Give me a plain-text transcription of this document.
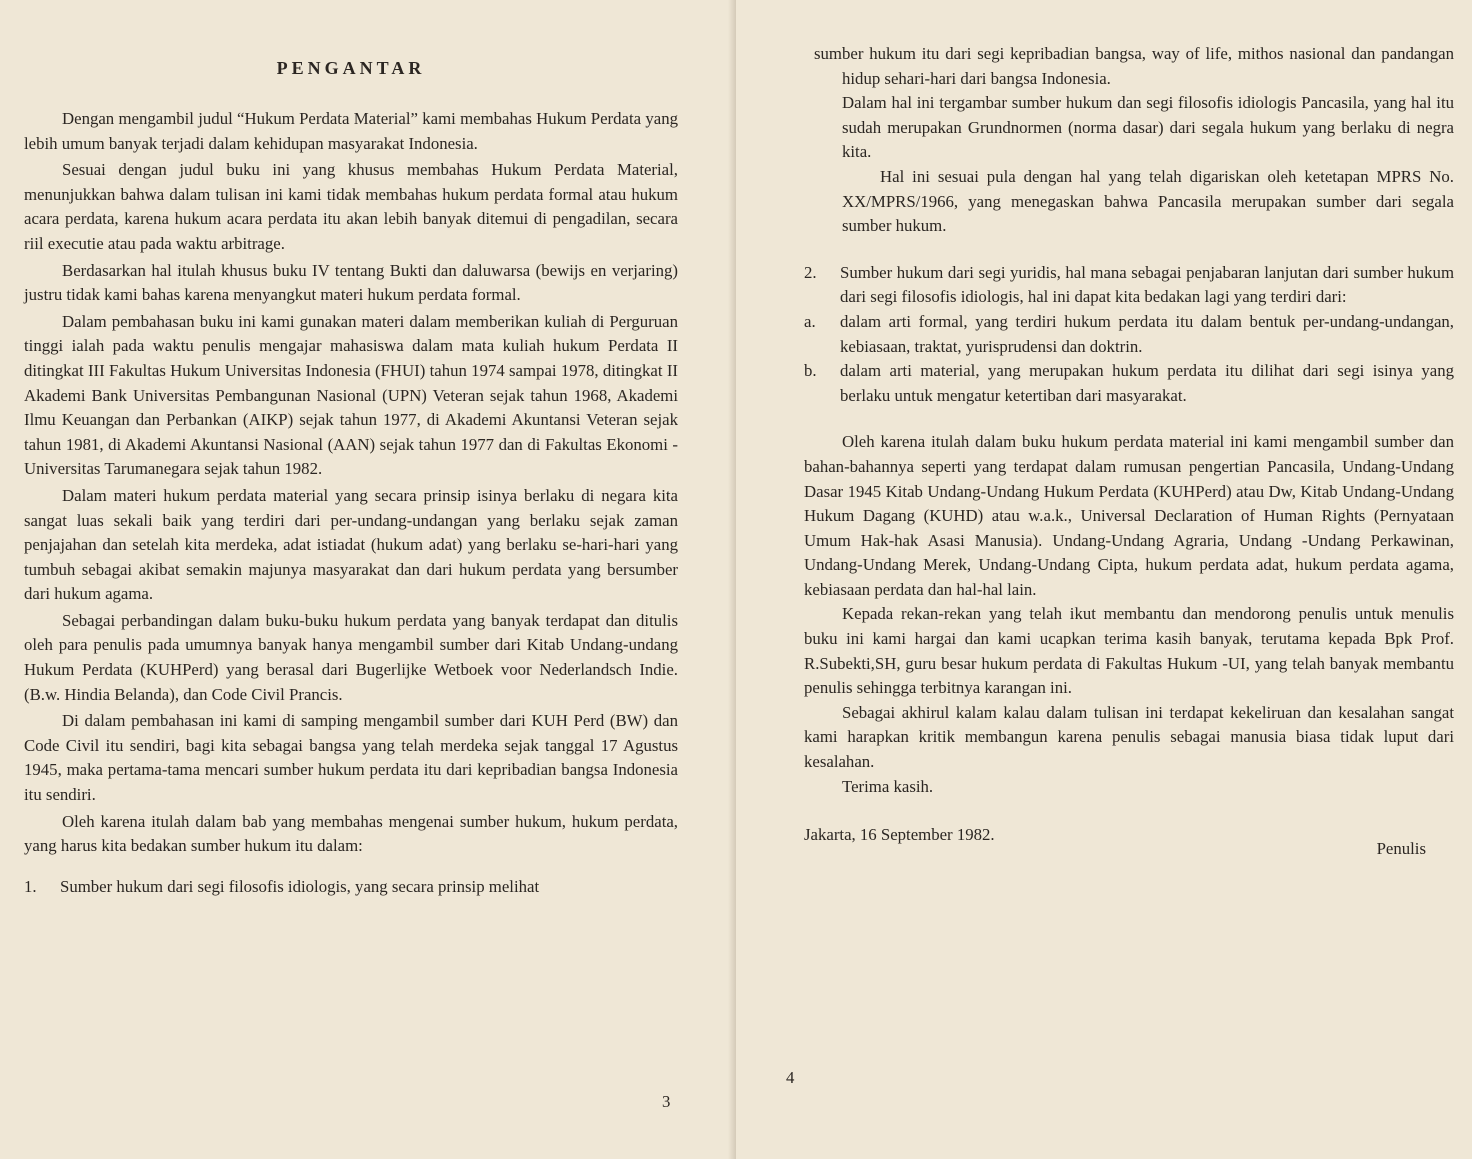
PENGANTAR

Dengan mengambil judul “Hukum Perdata Material” kami membahas Hukum Perdata yang lebih umum banyak terjadi dalam kehidupan masyarakat Indonesia.

Sesuai dengan judul buku ini yang khusus membahas Hukum Perdata Material, menunjukkan bahwa dalam tulisan ini kami tidak membahas hukum perdata formal atau hukum acara perdata, karena hukum acara perdata itu akan lebih banyak ditemui di pengadilan, secara riil executie atau pada waktu arbitrage.

Berdasarkan hal itulah khusus buku IV tentang Bukti dan daluwarsa (bewijs en verjaring) justru tidak kami bahas karena menyangkut materi hukum perdata formal.

Dalam pembahasan buku ini kami gunakan materi dalam memberikan kuliah di Perguruan tinggi ialah pada waktu penulis mengajar mahasiswa dalam mata kuliah hukum Perdata II ditingkat III Fakultas Hukum Universitas Indonesia (FHUI) tahun 1974 sampai 1978, ditingkat II Akademi Bank Universitas Pembangunan Nasional (UPN) Veteran sejak tahun 1968, Akademi Ilmu Keuangan dan Perbankan (AIKP) sejak tahun 1977, di Akademi Akuntansi Veteran sejak tahun 1981, di Akademi Akuntansi Nasional (AAN) sejak tahun 1977 dan di Fakultas Ekonomi - Universitas Tarumanegara sejak tahun 1982.

Dalam materi hukum perdata material yang secara prinsip isinya berlaku di negara kita sangat luas sekali baik yang terdiri dari per-undang-undangan yang berlaku sejak zaman penjajahan dan setelah kita merdeka, adat istiadat (hukum adat) yang berlaku se-hari-hari yang tumbuh sebagai akibat semakin majunya masyarakat dan dari hukum perdata yang bersumber dari hukum agama.

Sebagai perbandingan dalam buku-buku hukum perdata yang banyak terdapat dan ditulis oleh para penulis pada umumnya banyak hanya mengambil sumber dari Kitab Undang-undang Hukum Perdata (KUHPerd) yang berasal dari Bugerlijke Wetboek voor Nederlandsch Indie. (B.w. Hindia Belanda), dan Code Civil Prancis.

Di dalam pembahasan ini kami di samping mengambil sumber dari KUH Perd (BW) dan Code Civil itu sendiri, bagi kita sebagai bangsa yang telah merdeka sejak tanggal 17 Agustus 1945, maka pertama-tama mencari sumber hukum perdata itu dari kepribadian bangsa Indonesia itu sendiri.

Oleh karena itulah dalam bab yang membahas mengenai sumber hukum, hukum perdata, yang harus kita bedakan sumber hukum itu dalam:

1.	Sumber hukum dari segi filosofis idiologis, yang secara prinsip melihat
3

sumber hukum itu dari segi kepribadian bangsa, way of life, mithos nasional dan pandangan hidup sehari-hari dari bangsa Indonesia.

Dalam hal ini tergambar sumber hukum dan segi filosofis idiologis Pancasila, yang hal itu sudah merupakan Grundnormen (norma dasar) dari segala hukum yang berlaku di negra kita.

Hal ini sesuai pula dengan hal yang telah digariskan oleh ketetapan MPRS No. XX/MPRS/1966, yang menegaskan bahwa Pancasila merupakan sumber dari segala sumber hukum.

2.	Sumber hukum dari segi yuridis, hal mana sebagai penjabaran lanjutan dari sumber hukum dari segi filosofis idiologis, hal ini dapat kita bedakan lagi yang terdiri dari:
a.	dalam arti formal, yang terdiri hukum perdata itu dalam bentuk per-undang-undangan, kebiasaan, traktat, yurisprudensi dan doktrin.
b.	dalam arti material, yang merupakan hukum perdata itu dilihat dari segi isinya yang berlaku untuk mengatur ketertiban dari masyarakat.

Oleh karena itulah dalam buku hukum perdata material ini kami mengambil sumber dan bahan-bahannya seperti yang terdapat dalam rumusan pengertian Pancasila, Undang-Undang Dasar 1945 Kitab Undang-Undang Hukum Perdata (KUHPerd) atau Dw, Kitab Undang-Undang Hukum Dagang (KUHD) atau w.a.k., Universal Declaration of Human Rights (Pernyataan Umum Hak-hak Asasi Manusia). Undang-Undang Agraria, Undang -Undang Perkawinan, Undang-Undang Merek, Undang-Undang Cipta, hukum perdata adat, hukum perdata agama, kebiasaan perdata dan hal-hal lain.

Kepada rekan-rekan yang telah ikut membantu dan mendorong penulis untuk menulis buku ini kami hargai dan kami ucapkan terima kasih banyak, terutama kepada Bpk Prof. R.Subekti,SH, guru besar hukum perdata di Fakultas Hukum -UI, yang telah banyak membantu penulis sehingga terbitnya karangan ini.

Sebagai akhirul kalam kalau dalam tulisan ini terdapat kekeliruan dan kesalahan sangat kami harapkan kritik membangun karena penulis sebagai manusia biasa tidak luput dari kesalahan.

Terima kasih.

Jakarta, 16 September 1982.
Penulis
4
